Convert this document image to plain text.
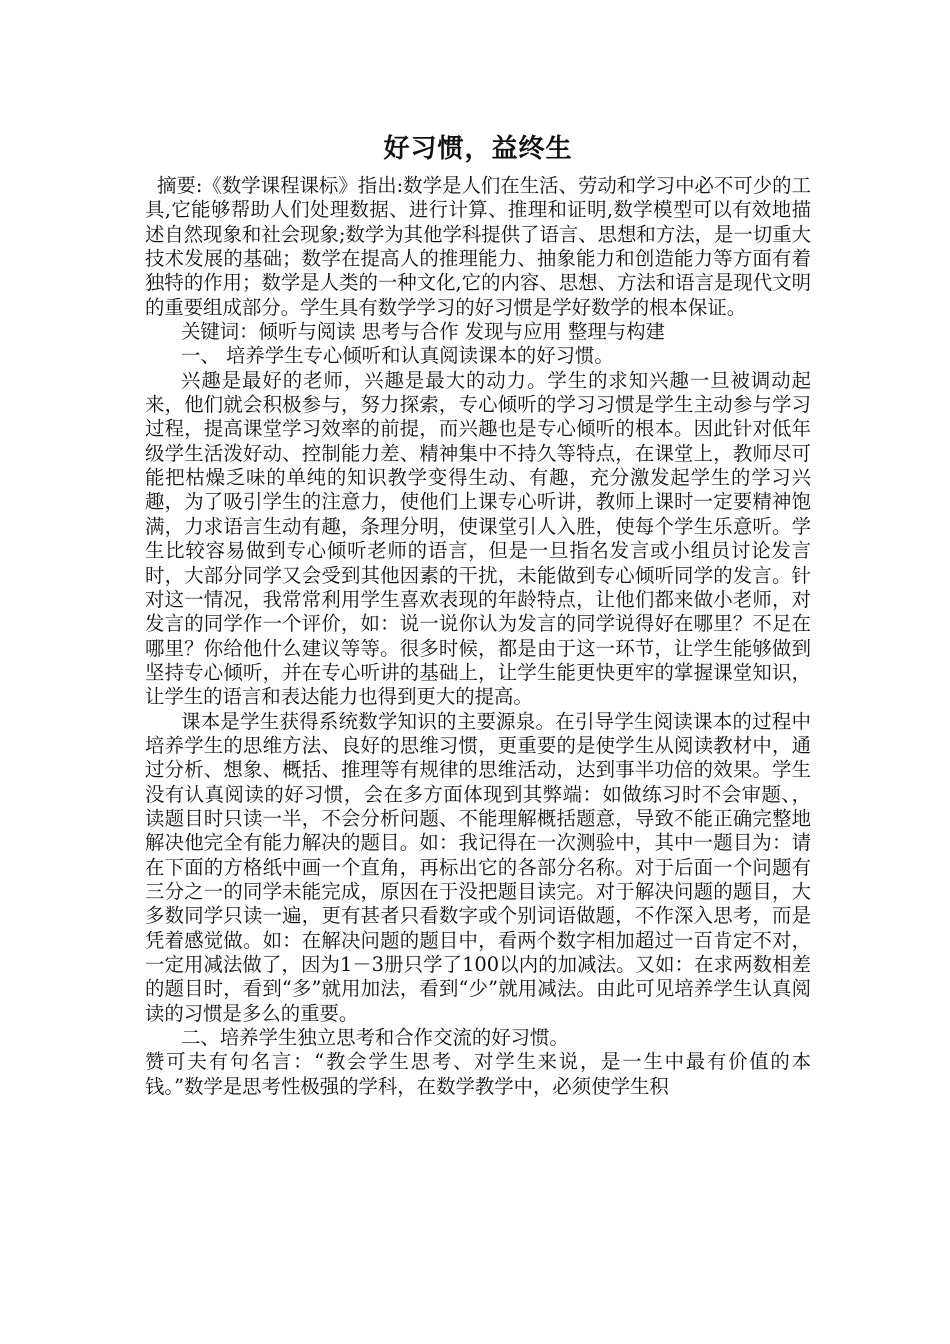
好习惯，益终生

摘要:《数学课程课标》指出:数学是人们在生活、劳动和学习中必不可少的工具,它能够帮助人们处理数据、进行计算、推理和证明,数学模型可以有效地描述自然现象和社会现象;数学为其他学科提供了语言、思想和方法，是一切重大技术发展的基础；数学在提高人的推理能力、抽象能力和创造能力等方面有着独特的作用；数学是人类的一种文化,它的内容、思想、方法和语言是现代文明的重要组成部分。学生具有数学学习的好习惯是学好数学的根本保证。

关键词：倾听与阅读 思考与合作 发现与应用 整理与构建

一、 培养学生专心倾听和认真阅读课本的好习惯。

兴趣是最好的老师，兴趣是最大的动力。学生的求知兴趣一旦被调动起来，他们就会积极参与，努力探索，专心倾听的学习习惯是学生主动参与学习过程，提高课堂学习效率的前提，而兴趣也是专心倾听的根本。因此针对低年级学生活泼好动、控制能力差、精神集中不持久等特点，在课堂上，教师尽可能把枯燥乏味的单纯的知识教学变得生动、有趣，充分激发起学生的学习兴趣，为了吸引学生的注意力，使他们上课专心听讲，教师上课时一定要精神饱满，力求语言生动有趣，条理分明，使课堂引人入胜，使每个学生乐意听。学生比较容易做到专心倾听老师的语言，但是一旦指名发言或小组员讨论发言时，大部分同学又会受到其他因素的干扰，未能做到专心倾听同学的发言。针对这一情况，我常常利用学生喜欢表现的年龄特点，让他们都来做小老师，对发言的同学作一个评价，如：说一说你认为发言的同学说得好在哪里？不足在哪里？你给他什么建议等等。很多时候，都是由于这一环节，让学生能够做到坚持专心倾听，并在专心听讲的基础上，让学生能更快更牢的掌握课堂知识，让学生的语言和表达能力也得到更大的提高。

课本是学生获得系统数学知识的主要源泉。在引导学生阅读课本的过程中培养学生的思维方法、良好的思维习惯，更重要的是使学生从阅读教材中，通过分析、想象、概括、推理等有规律的思维活动，达到事半功倍的效果。学生没有认真阅读的好习惯，会在多方面体现到其弊端：如做练习时不会审题、，读题目时只读一半，不会分析问题、不能理解概括题意，导致不能正确完整地解决他完全有能力解决的题目。如：我记得在一次测验中，其中一题目为：请在下面的方格纸中画一个直角，再标出它的各部分名称。对于后面一个问题有三分之一的同学未能完成，原因在于没把题目读完。对于解决问题的题目，大多数同学只读一遍，更有甚者只看数字或个别词语做题，不作深入思考，而是凭着感觉做。如：在解决问题的题目中，看两个数字相加超过一百肯定不对，一定用减法做了，因为1－3册只学了100以内的加减法。又如：在求两数相差的题目时，看到“多”就用加法，看到“少”就用减法。由此可见培养学生认真阅读的习惯是多么的重要。

二、培养学生独立思考和合作交流的好习惯。

赞可夫有句名言：“教会学生思考、对学生来说，是一生中最有价值的本钱。”数学是思考性极强的学科，在数学教学中，必须使学生积
